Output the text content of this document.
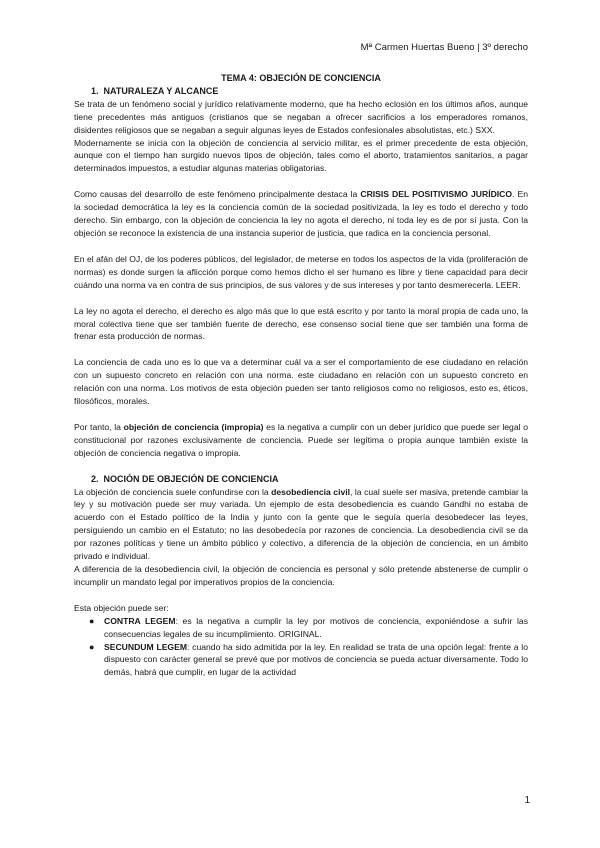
Mª Carmen Huertas Bueno | 3º derecho

TEMA 4: OBJECIÓN DE CONCIENCIA

1. NATURALEZA Y ALCANCE

Se trata de un fenómeno social y jurídico relativamente moderno, que ha hecho eclosión en los últimos años, aunque tiene precedentes más antiguos (cristianos que se negaban a ofrecer sacrificios a los emperadores romanos, disidentes religiosos que se negaban a seguir algunas leyes de Estados confesionales absolutistas, etc.) SXX.

Modernamente se inicia con la objeción de conciencia al servicio militar, es el primer precedente de esta objeción, aunque con el tiempo han surgido nuevos tipos de objeción, tales como el aborto, tratamientos sanitarios, a pagar determinados impuestos, a estudiar algunas materias obligatorias.

Como causas del desarrollo de este fenómeno principalmente destaca la CRISIS DEL POSITIVISMO JURÍDICO. En la sociedad democrática la ley es la conciencia común de la sociedad positivizada, la ley es todo el derecho y todo derecho. Sin embargo, con la objeción de conciencia la ley no agota el derecho, ni toda ley es de por sí justa. Con la objeción se reconoce la existencia de una instancia superior de justicia, que radica en la conciencia personal.

En el afán del OJ, de los poderes públicos, del legislador, de meterse en todos los aspectos de la vida (proliferación de normas) es donde surgen la aflicción porque como hemos dicho el ser humano es libre y tiene capacidad para decir cuándo una norma va en contra de sus principios, de sus valores y de sus intereses y por tanto desmerecerla. LEER.

La ley no agota el derecho, el derecho es algo más que lo que está escrito y por tanto la moral propia de cada uno, la moral colectiva tiene que ser también fuente de derecho, ese consenso social tiene que ser también una forma de frenar esta producción de normas.

La conciencia de cada uno es lo que va a determinar cuál va a ser el comportamiento de ese ciudadano en relación con un supuesto concreto en relación con una norma. este ciudadano en relación con un supuesto concreto en relación con una norma. Los motivos de esta objeción pueden ser tanto religiosos como no religiosos, esto es, éticos, filosóficos, morales.

Por tanto, la objeción de conciencia (impropia) es la negativa a cumplir con un deber jurídico que puede ser legal o constitucional por razones exclusivamente de conciencia. Puede ser legítima o propia aunque también existe la objeción de conciencia negativa o impropia.

2. NOCIÓN DE OBJECIÓN DE CONCIENCIA

La objeción de conciencia suele confundirse con la desobediencia civil, la cual suele ser masiva, pretende cambiar la ley y su motivación puede ser muy variada. Un ejemplo de esta desobediencia es cuando Gandhi no estaba de acuerdo con el Estado político de la India y junto con la gente que le seguía quería desobedecer las leyes, persiguiendo un cambio en el Estatuto; no las desobedecía por razones de conciencia. La desobediencia civil se da por razones políticas y tiene un ámbito público y colectivo, a diferencia de la objeción de conciencia, en un ámbito privado e individual.

A diferencia de la desobediencia civil, la objeción de conciencia es personal y sólo pretende abstenerse de cumplir o incumplir un mandato legal por imperativos propios de la conciencia.

Esta objeción puede ser:

● CONTRA LEGEM: es la negativa a cumplir la ley por motivos de conciencia, exponiéndose a sufrir las consecuencias legales de su incumplimiento. ORIGINAL.
● SECUNDUM LEGEM: cuando ha sido admitida por la ley. En realidad se trata de una opción legal: frente a lo dispuesto con carácter general se prevé que por motivos de conciencia se pueda actuar diversamente. Todo lo demás, habrá que cumplir, en lugar de la actividad
1
